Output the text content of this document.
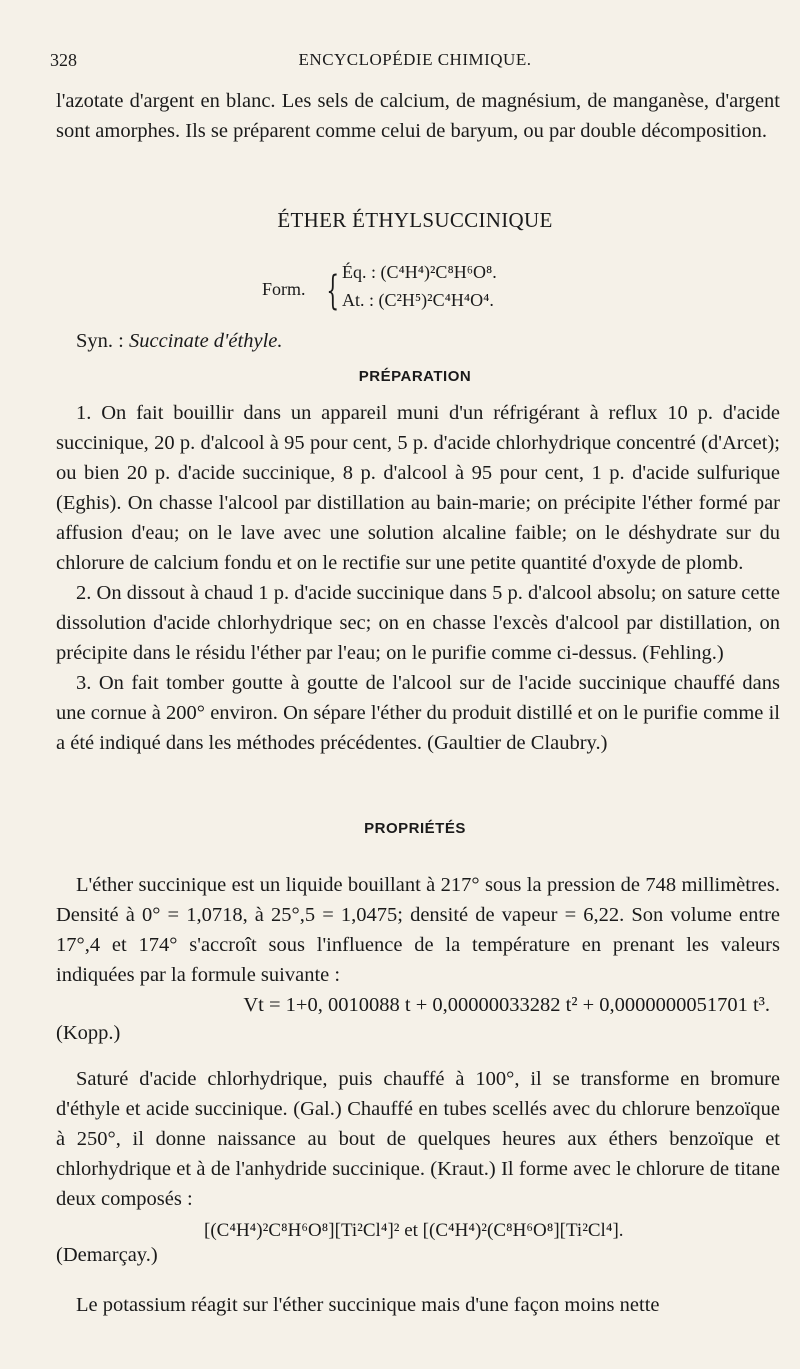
328	ENCYCLOPÉDIE CHIMIQUE.

l'azotate d'argent en blanc. Les sels de calcium, de magnésium, de manganèse, d'argent sont amorphes. Ils se préparent comme celui de baryum, ou par double décomposition.

ÉTHER ÉTHYLSUCCINIQUE
Form. { Éq. : (C⁴H⁴)²C⁸H⁶O⁸.
At. : (C²H⁵)²C⁴H⁴O⁴.
Syn. : Succinate d'éthyle.
PRÉPARATION

1. On fait bouillir dans un appareil muni d'un réfrigérant à reflux 10 p. d'acide succinique, 20 p. d'alcool à 95 pour cent, 5 p. d'acide chlorhydrique concentré (d'Arcet); ou bien 20 p. d'acide succinique, 8 p. d'alcool à 95 pour cent, 1 p. d'acide sulfurique (Eghis). On chasse l'alcool par distillation au bain-marie; on précipite l'éther formé par affusion d'eau; on le lave avec une solution alcaline faible; on le déshydrate sur du chlorure de calcium fondu et on le rectifie sur une petite quantité d'oxyde de plomb.

2. On dissout à chaud 1 p. d'acide succinique dans 5 p. d'alcool absolu; on sature cette dissolution d'acide chlorhydrique sec; on en chasse l'excès d'alcool par distillation, on précipite dans le résidu l'éther par l'eau; on le purifie comme ci-dessus. (Fehling.)

3. On fait tomber goutte à goutte de l'alcool sur de l'acide succinique chauffé dans une cornue à 200° environ. On sépare l'éther du produit distillé et on le purifie comme il a été indiqué dans les méthodes précédentes. (Gaultier de Claubry.)

PROPRIÉTÉS

L'éther succinique est un liquide bouillant à 217° sous la pression de 748 millimètres. Densité à 0° = 1,0718, à 25°,5 = 1,0475; densité de vapeur = 6,22. Son volume entre 17°,4 et 174° s'accroît sous l'influence de la température en prenant les valeurs indiquées par la formule suivante :

Vt = 1+0, 0010088 t + 0,00000033282 t² + 0,0000000051701 t³.
(Kopp.)

Saturé d'acide chlorhydrique, puis chauffé à 100°, il se transforme en bromure d'éthyle et acide succinique. (Gal.) Chauffé en tubes scellés avec du chlorure benzoïque à 250°, il donne naissance au bout de quelques heures aux éthers benzoïque et chlorhydrique et à de l'anhydride succinique. (Kraut.) Il forme avec le chlorure de titane deux composés :

[(C⁴H⁴)²C⁸H⁶O⁸][Ti²Cl⁴]² et [(C⁴H⁴)²(C⁸H⁶O⁸][Ti²Cl⁴].
(Demarçay.)

Le potassium réagit sur l'éther succinique mais d'une façon moins nette
